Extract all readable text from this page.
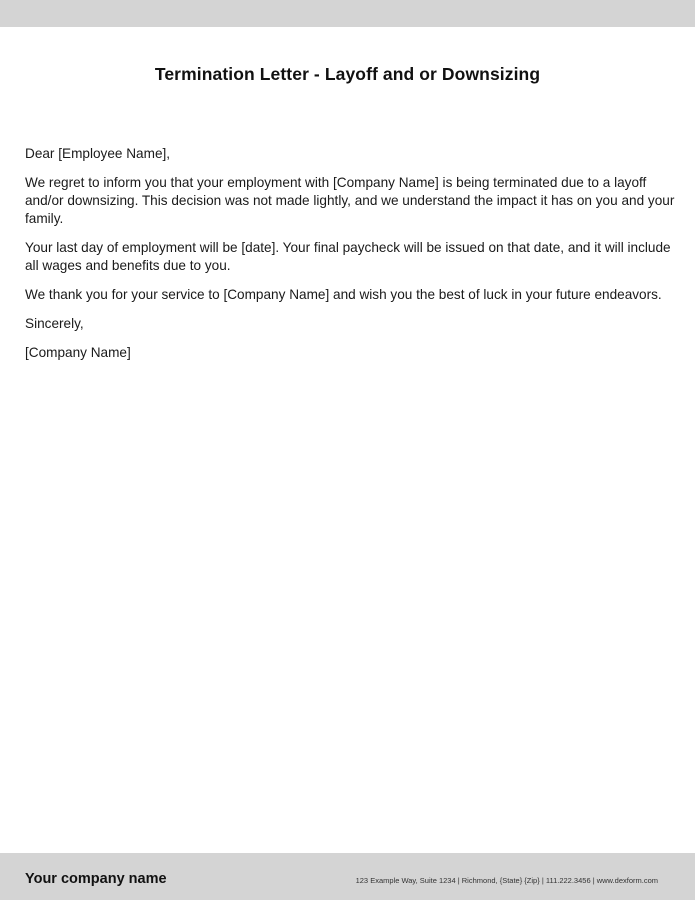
Termination Letter - Layoff and or Downsizing

Dear [Employee Name],

We regret to inform you that your employment with [Company Name] is being terminated due to a layoff and/or downsizing. This decision was not made lightly, and we understand the impact it has on you and your family.

Your last day of employment will be [date]. Your final paycheck will be issued on that date, and it will include all wages and benefits due to you.

We thank you for your service to [Company Name] and wish you the best of luck in your future endeavors.

Sincerely,

[Company Name]

Your company name	123 Example Way, Suite 1234 | Richmond, {State} {Zip} | 111.222.3456 | www.dexform.com
